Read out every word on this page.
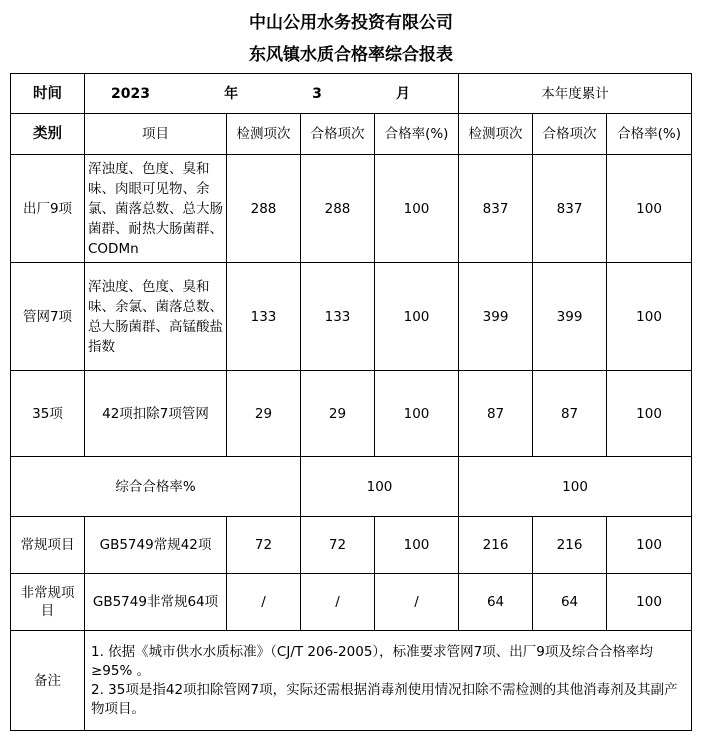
中山公用水务投资有限公司
东风镇水质合格率综合报表
时间	2023 年 3 月				本年度累计		
类别	项目	检测项次	合格项次	合格率(%)	检测项次	合格项次	合格率(%)
出厂9项	浑浊度、色度、臭和味、肉眼可见物、余氯、菌落总数、总大肠菌群、耐热大肠菌群、CODMn	288	288	100	837	837	100
管网7项	浑浊度、色度、臭和味、余氯、菌落总数、总大肠菌群、高锰酸盐指数	133	133	100	399	399	100
35项	42项扣除7项管网	29	29	100	87	87	100
综合合格率%			100		100		
常规项目	GB5749常规42项	72	72	100	216	216	100
非常规项目	GB5749非常规64项	/	/	/	64	64	100
备注	1. 依据《城市供水水质标准》（CJ/T 206-2005），标准要求管网7项、出厂9项及综合合格率均≥95% 。

2. 35项是指42项扣除管网7项，实际还需根据消毒剂使用情况扣除不需检测的其他消毒剂及其副产物项目。						
